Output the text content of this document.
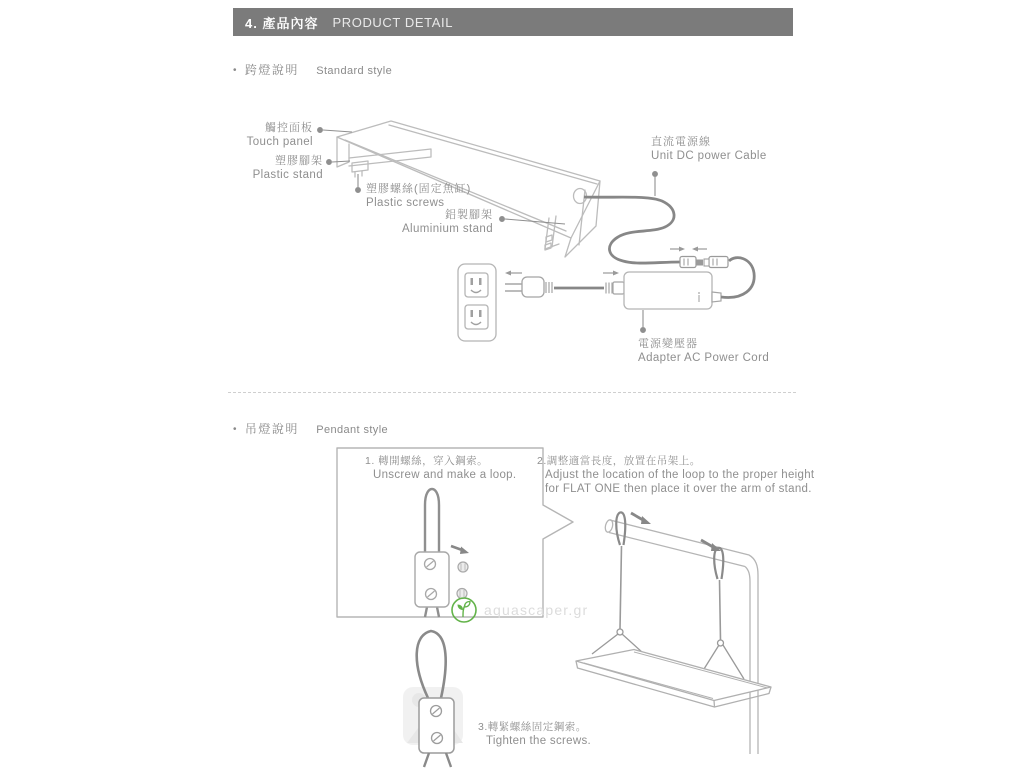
4. 產品內容 PRODUCT DETAIL
• 跨燈說明 Standard style
觸控面板
Touch panel
塑膠腳架
Plastic stand
塑膠螺絲(固定魚缸)
Plastic screws
鋁製腳架
Aluminium stand
直流電源線
Unit DC power Cable
電源變壓器
Adapter AC Power Cord
• 吊燈說明 Pendant style
1. 轉開螺絲，穿入鋼索。
Unscrew and make a loop.
2.調整適當長度，放置在吊架上。
Adjust the location of the loop to the proper height
for FLAT ONE then place it over the arm of stand.
3.轉緊螺絲固定鋼索。
Tighten the screws.
aquascaper.gr
